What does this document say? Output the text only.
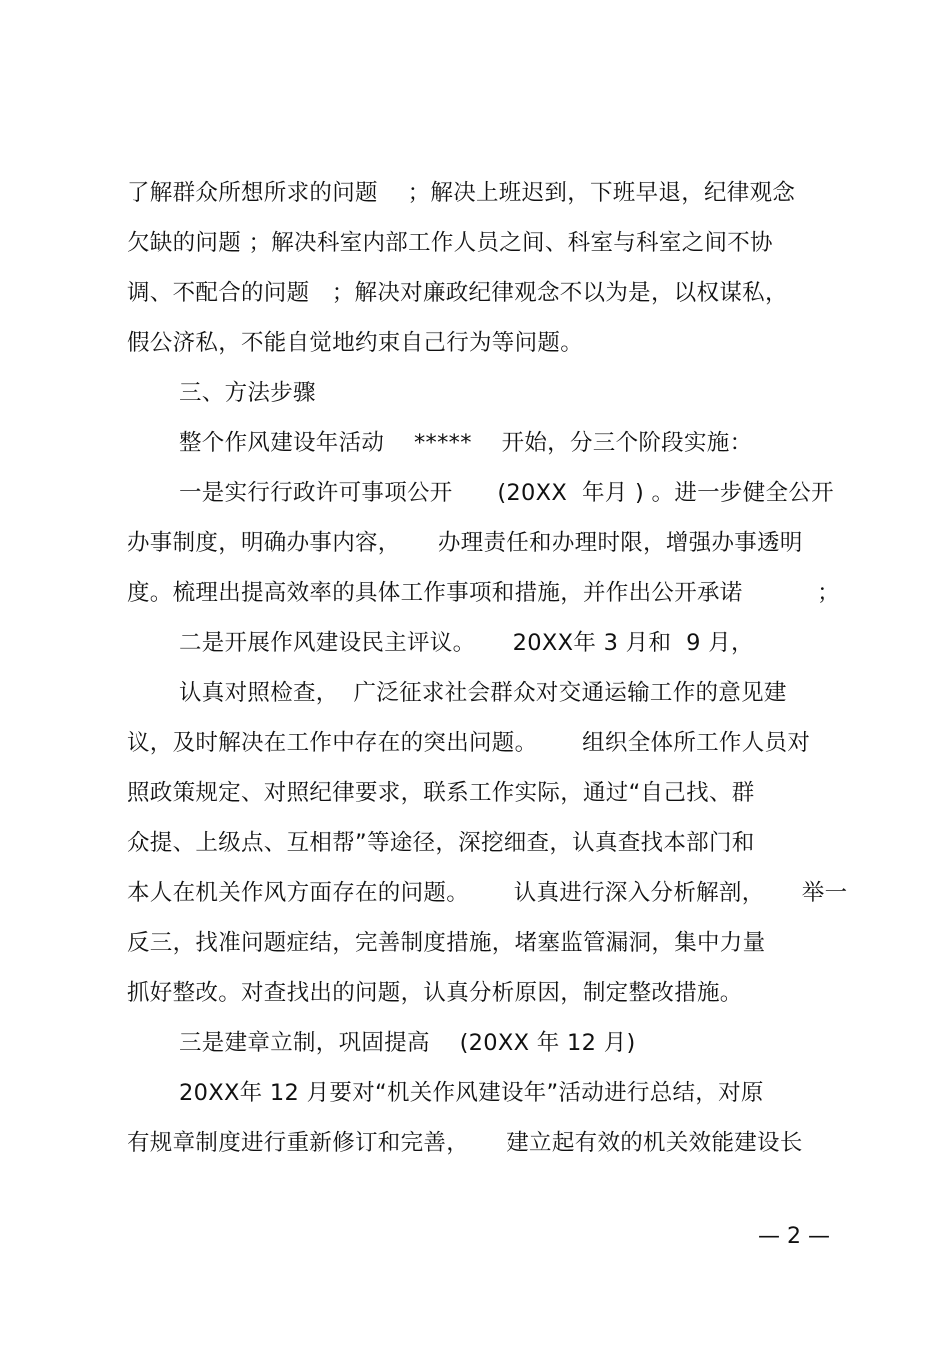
了解群众所想所求的问题    ；解决上班迟到，下班早退，纪律观念
欠缺的问题 ；解决科室内部工作人员之间、科室与科室之间不协
调、不配合的问题   ；解决对廉政纪律观念不以为是，以权谋私，
假公济私，不能自觉地约束自己行为等问题。
三、方法步骤
整个作风建设年活动    *****    开始，分三个阶段实施：
一是实行行政许可事项公开      (20XX  年月 ) 。进一步健全公开
办事制度，明确办事内容，     办理责任和办理时限，增强办事透明
度。梳理出提高效率的具体工作事项和措施，并作出公开承诺          ；
二是开展作风建设民主评议。     20XX年 3 月和  9 月，
认真对照检查，  广泛征求社会群众对交通运输工作的意见建
议，及时解决在工作中存在的突出问题。      组织全体所工作人员对
照政策规定、对照纪律要求，联系工作实际，通过“自己找、群
众提、上级点、互相帮”等途径，深挖细查，认真查找本部门和
本人在机关作风方面存在的问题。      认真进行深入分析解剖，     举一
反三，找准问题症结，完善制度措施，堵塞监管漏洞，集中力量
抓好整改。对查找出的问题，认真分析原因，制定整改措施。
三是建章立制，巩固提高    (20XX 年 12 月)
20XX年 12 月要对“机关作风建设年”活动进行总结，对原
有规章制度进行重新修订和完善，     建立起有效的机关效能建设长
— 2 —
